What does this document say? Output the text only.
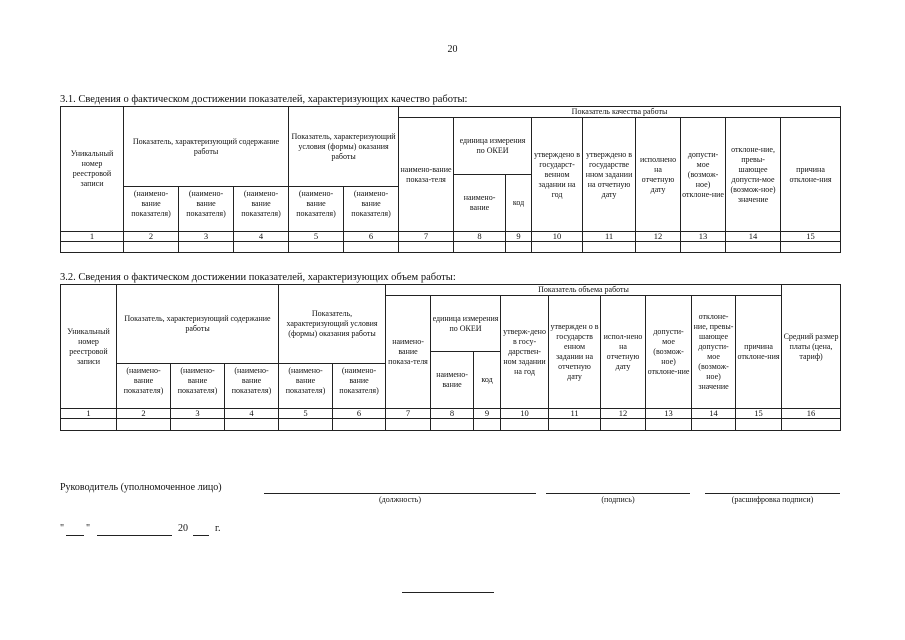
20
3.1. Сведения о фактическом достижении показателей, характеризующих качество работы:
Уникальный номер реестровой записи	Показатель, характеризующий содержание работы			Показатель, характеризующий условия (формы) оказания работы		Показатель качества работы								
						наимено-вание показа-теля	единица измерения по ОКЕИ		утверждено в государст-венном задании на год	утверждено в государстве нном задании на отчетную дату	исполнено на отчетную дату	допусти-мое (возмож-ное) отклоне-ние	отклоне-ние, превы-шающее допусти-мое (возмож-ное) значение	причина отклоне-ния
							наимено-вание	код						
	(наимено-вание показателя)	(наимено-вание показателя)	(наимено-вание показателя)	(наимено-вание показателя)	(наимено-вание показателя)									
1	2	3	4	5	6	7	8	9	10	11	12	13	14	15

3.2. Сведения о фактическом достижении показателей, характеризующих объем работы:
Уникальный номер реестровой записи	Показатель, характеризующий содержание работы			Показатель, характеризующий условия (формы) оказания работы		Показатель объема работы									Средний размер платы (цена, тариф)
						наимено-вание показа-теля	единица измерения по ОКЕИ		утверж-дено в госу-дарствен-ном задании на год	утвержден о в государств енном задании на отчетную дату	испол-нено на отчетную дату	допусти-мое (возмож-ное) отклоне-ние	отклоне-ние, превы-шающее допусти-мое (возмож-ное) значение	причина отклоне-ния	
							наимено-вание	код							
	(наимено-вание показателя)	(наимено-вание показателя)	(наимено-вание показателя)	(наимено-вание показателя)	(наимено-вание показателя)										
1	2	3	4	5	6	7	8	9	10	11	12	13	14	15	16

Руководитель (уполномоченное лицо)
(должность)	(подпись)	(расшифровка подписи)
" "	20	г.
